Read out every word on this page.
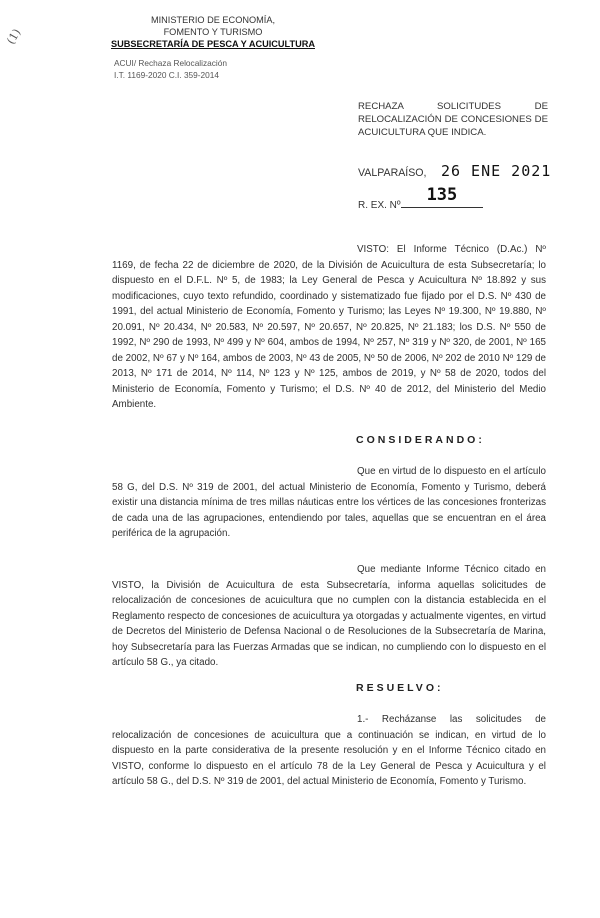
(1)
MINISTERIO DE ECONOMÍA,
FOMENTO Y TURISMO
SUBSECRETARÍA DE PESCA Y ACUICULTURA
ACUI/ Rechaza Relocalización
I.T. 1169-2020 C.I. 359-2014
RECHAZA SOLICITUDES DE RELOCALIZACIÓN DE CONCESIONES DE ACUICULTURA QUE INDICA.
VALPARAÍSO, 26 ENE 2021
R. EX. Nº
135
VISTO: El Informe Técnico (D.Ac.) Nº 1169, de fecha 22 de diciembre de 2020, de la División de Acuicultura de esta Subsecretaría; lo dispuesto en el D.F.L. Nº 5, de 1983; la Ley General de Pesca y Acuicultura Nº 18.892 y sus modificaciones, cuyo texto refundido, coordinado y sistematizado fue fijado por el D.S. Nº 430 de 1991, del actual Ministerio de Economía, Fomento y Turismo; las Leyes Nº 19.300, Nº 19.880, Nº 20.091, Nº 20.434, Nº 20.583, Nº 20.597, Nº 20.657, Nº 20.825, Nº 21.183; los D.S. Nº 550 de 1992, Nº 290 de 1993, Nº 499 y Nº 604, ambos de 1994, Nº 257, Nº 319 y Nº 320, de 2001, Nº 165 de 2002, Nº 67 y Nº 164, ambos de 2003, Nº 43 de 2005, Nº 50 de 2006, Nº 202 de 2010 Nº 129 de 2013, Nº 171 de 2014, Nº 114, Nº 123 y Nº 125, ambos de 2019, y Nº 58 de 2020, todos del Ministerio de Economía, Fomento y Turismo; el D.S. Nº 40 de 2012, del Ministerio del Medio Ambiente.
CONSIDERANDO:
Que en virtud de lo dispuesto en el artículo 58 G, del D.S. Nº 319 de 2001, del actual Ministerio de Economía, Fomento y Turismo, deberá existir una distancia mínima de tres millas náuticas entre los vértices de las concesiones fronterizas de cada una de las agrupaciones, entendiendo por tales, aquellas que se encuentran en el área periférica de la agrupación.
Que mediante Informe Técnico citado en VISTO, la División de Acuicultura de esta Subsecretaría, informa aquellas solicitudes de relocalización de concesiones de acuicultura que no cumplen con la distancia establecida en el Reglamento respecto de concesiones de acuicultura ya otorgadas y actualmente vigentes, en virtud de Decretos del Ministerio de Defensa Nacional o de Resoluciones de la Subsecretaría de Marina, hoy Subsecretaría para las Fuerzas Armadas que se indican, no cumpliendo con lo dispuesto en el artículo 58 G., ya citado.
RESUELVO:
1.- Recházanse las solicitudes de relocalización de concesiones de acuicultura que a continuación se indican, en virtud de lo dispuesto en la parte considerativa de la presente resolución y en el Informe Técnico citado en VISTO, conforme lo dispuesto en el artículo 78 de la Ley General de Pesca y Acuicultura y el artículo 58 G., del D.S. Nº 319 de 2001, del actual Ministerio de Economía, Fomento y Turismo.
